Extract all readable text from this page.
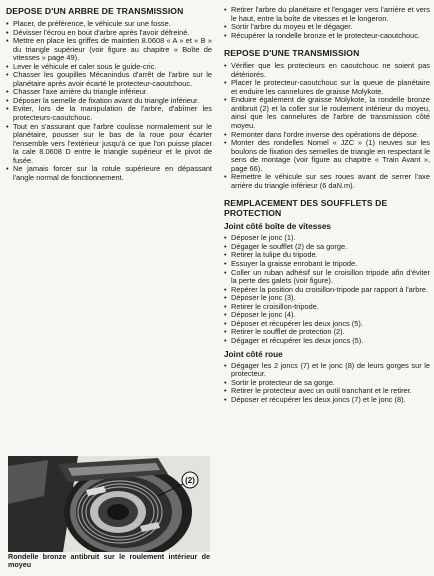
DEPOSE D'UN ARBRE DE TRANSMISSION

• Placer, de préférence, le véhicule sur une fosse.

• Dévisser l'écrou en bout d'arbre après l'avoir défreiné.

• Mettre en place les griffes de maintien 8.0608 « A » et « B » du triangle supérieur (voir figure au chapitre « Boîte de vitesses » page 49).

• Lever le véhicule et caler sous le guide-cric.

• Chasser les goupilles Mécanindus d'arrêt de l'arbre sur le planétaire après avoir écarté le protecteur-caoutchouc.

• Chasser l'axe arrière du triangle inférieur.

• Déposer la semelle de fixation avant du triangle inférieur.

• Eviter, lors de la manipulation de l'arbre, d'abîmer les protecteurs-caoutchouc.

• Tout en s'assurant que l'arbre coulisse normalement sur le planétaire, pousser sur le bas de la roue pour écarter l'ensemble vers l'extérieur jusqu'à ce que l'on puisse placer la cale 8.0608 D entre le triangle supérieur et le pivot de fusée.

• Ne jamais forcer sur la rotule supérieure en dépassant l'angle normal de fonctionnement.

(2)

Rondelle bronze antibruit sur le roulement intérieur de moyeu

• Retirer l'arbre du planétaire et l'engager vers l'arrière et vers le haut, entre la boîte de vitesses et le longeron.

• Sortir l'arbre du moyeu et le dégager.

• Récupérer la rondelle bronze et le protecteur-caoutchouc.

REPOSE D'UNE TRANSMISSION

• Vérifier que les protecteurs en caoutchouc ne soient pas détériorés.

• Placer le protecteur-caoutchouc sur la queue de planétaire et enduire les cannelures de graisse Molykote.

• Enduire également de graisse Molykote, la rondelle bronze antibruit (2) et la coller sur le roulement intérieur du moyeu, ainsi que les cannelures de l'arbre de transmission côté moyeu.

• Remonter dans l'ordre inverse des opérations de dépose.

• Monter des rondelles Nomel « JZC » (1) neuves sur les boulons de fixation des semelles de triangle en respectant le sens de montage (voir figure au chapitre « Train Avant », page 66).

• Remettre le véhicule sur ses roues avant de serrer l'axe arrière du triangle inférieur (6 daN.m).

REMPLACEMENT DES SOUFFLETS DE PROTECTION
Joint côté boîte de vitesses

• Déposer le jonc (1).

• Dégager le soufflet (2) de sa gorge.

• Retirer la tulipe du tripode.

• Essuyer la graisse enrobant le tripode.

• Coller un ruban adhésif sur le croisillon tripode afin d'éviter la perte des galets (voir figure).

• Repérer la position du croisillon-tripode par rapport à l'arbre.

• Déposer le jonc (3).

• Retirer le croisillon-tripode.

• Déposer le jonc (4).

• Déposer et récupérer les deux joncs (5).

• Retirer le soufflet de protection (2).

• Dégager et récupérer les deux joncs (5).

Joint côté roue

• Dégager les 2 joncs (7) et le jonc (8) de leurs gorges sur le protecteur.

• Sortir le protecteur de sa gorge.

• Retirer le protecteur avec un outil tranchant et le retirer.

• Déposer et récupérer les deux joncs (7) et le jonc (8).
